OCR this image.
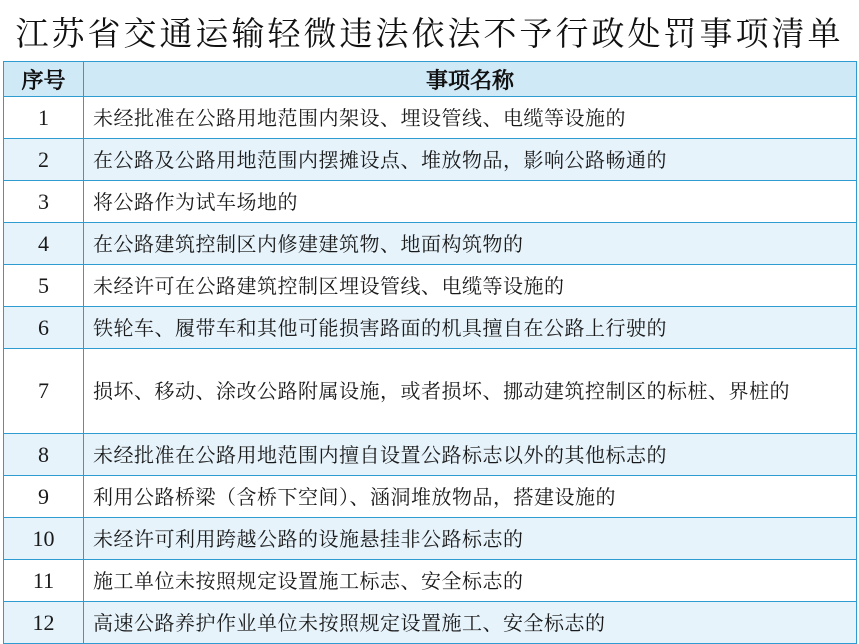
江苏省交通运输轻微违法依法不予行政处罚事项清单
序号	事项名称
1	未经批准在公路用地范围内架设、埋设管线、电缆等设施的
2	在公路及公路用地范围内摆摊设点、堆放物品，影响公路畅通的
3	将公路作为试车场地的
4	在公路建筑控制区内修建建筑物、地面构筑物的
5	未经许可在公路建筑控制区埋设管线、电缆等设施的
6	铁轮车、履带车和其他可能损害路面的机具擅自在公路上行驶的
7	损坏、移动、涂改公路附属设施，或者损坏、挪动建筑控制区的标桩、界桩的
8	未经批准在公路用地范围内擅自设置公路标志以外的其他标志的
9	利用公路桥梁（含桥下空间）、涵洞堆放物品，搭建设施的
10	未经许可利用跨越公路的设施悬挂非公路标志的
11	施工单位未按照规定设置施工标志、安全标志的
12	高速公路养护作业单位未按照规定设置施工、安全标志的
